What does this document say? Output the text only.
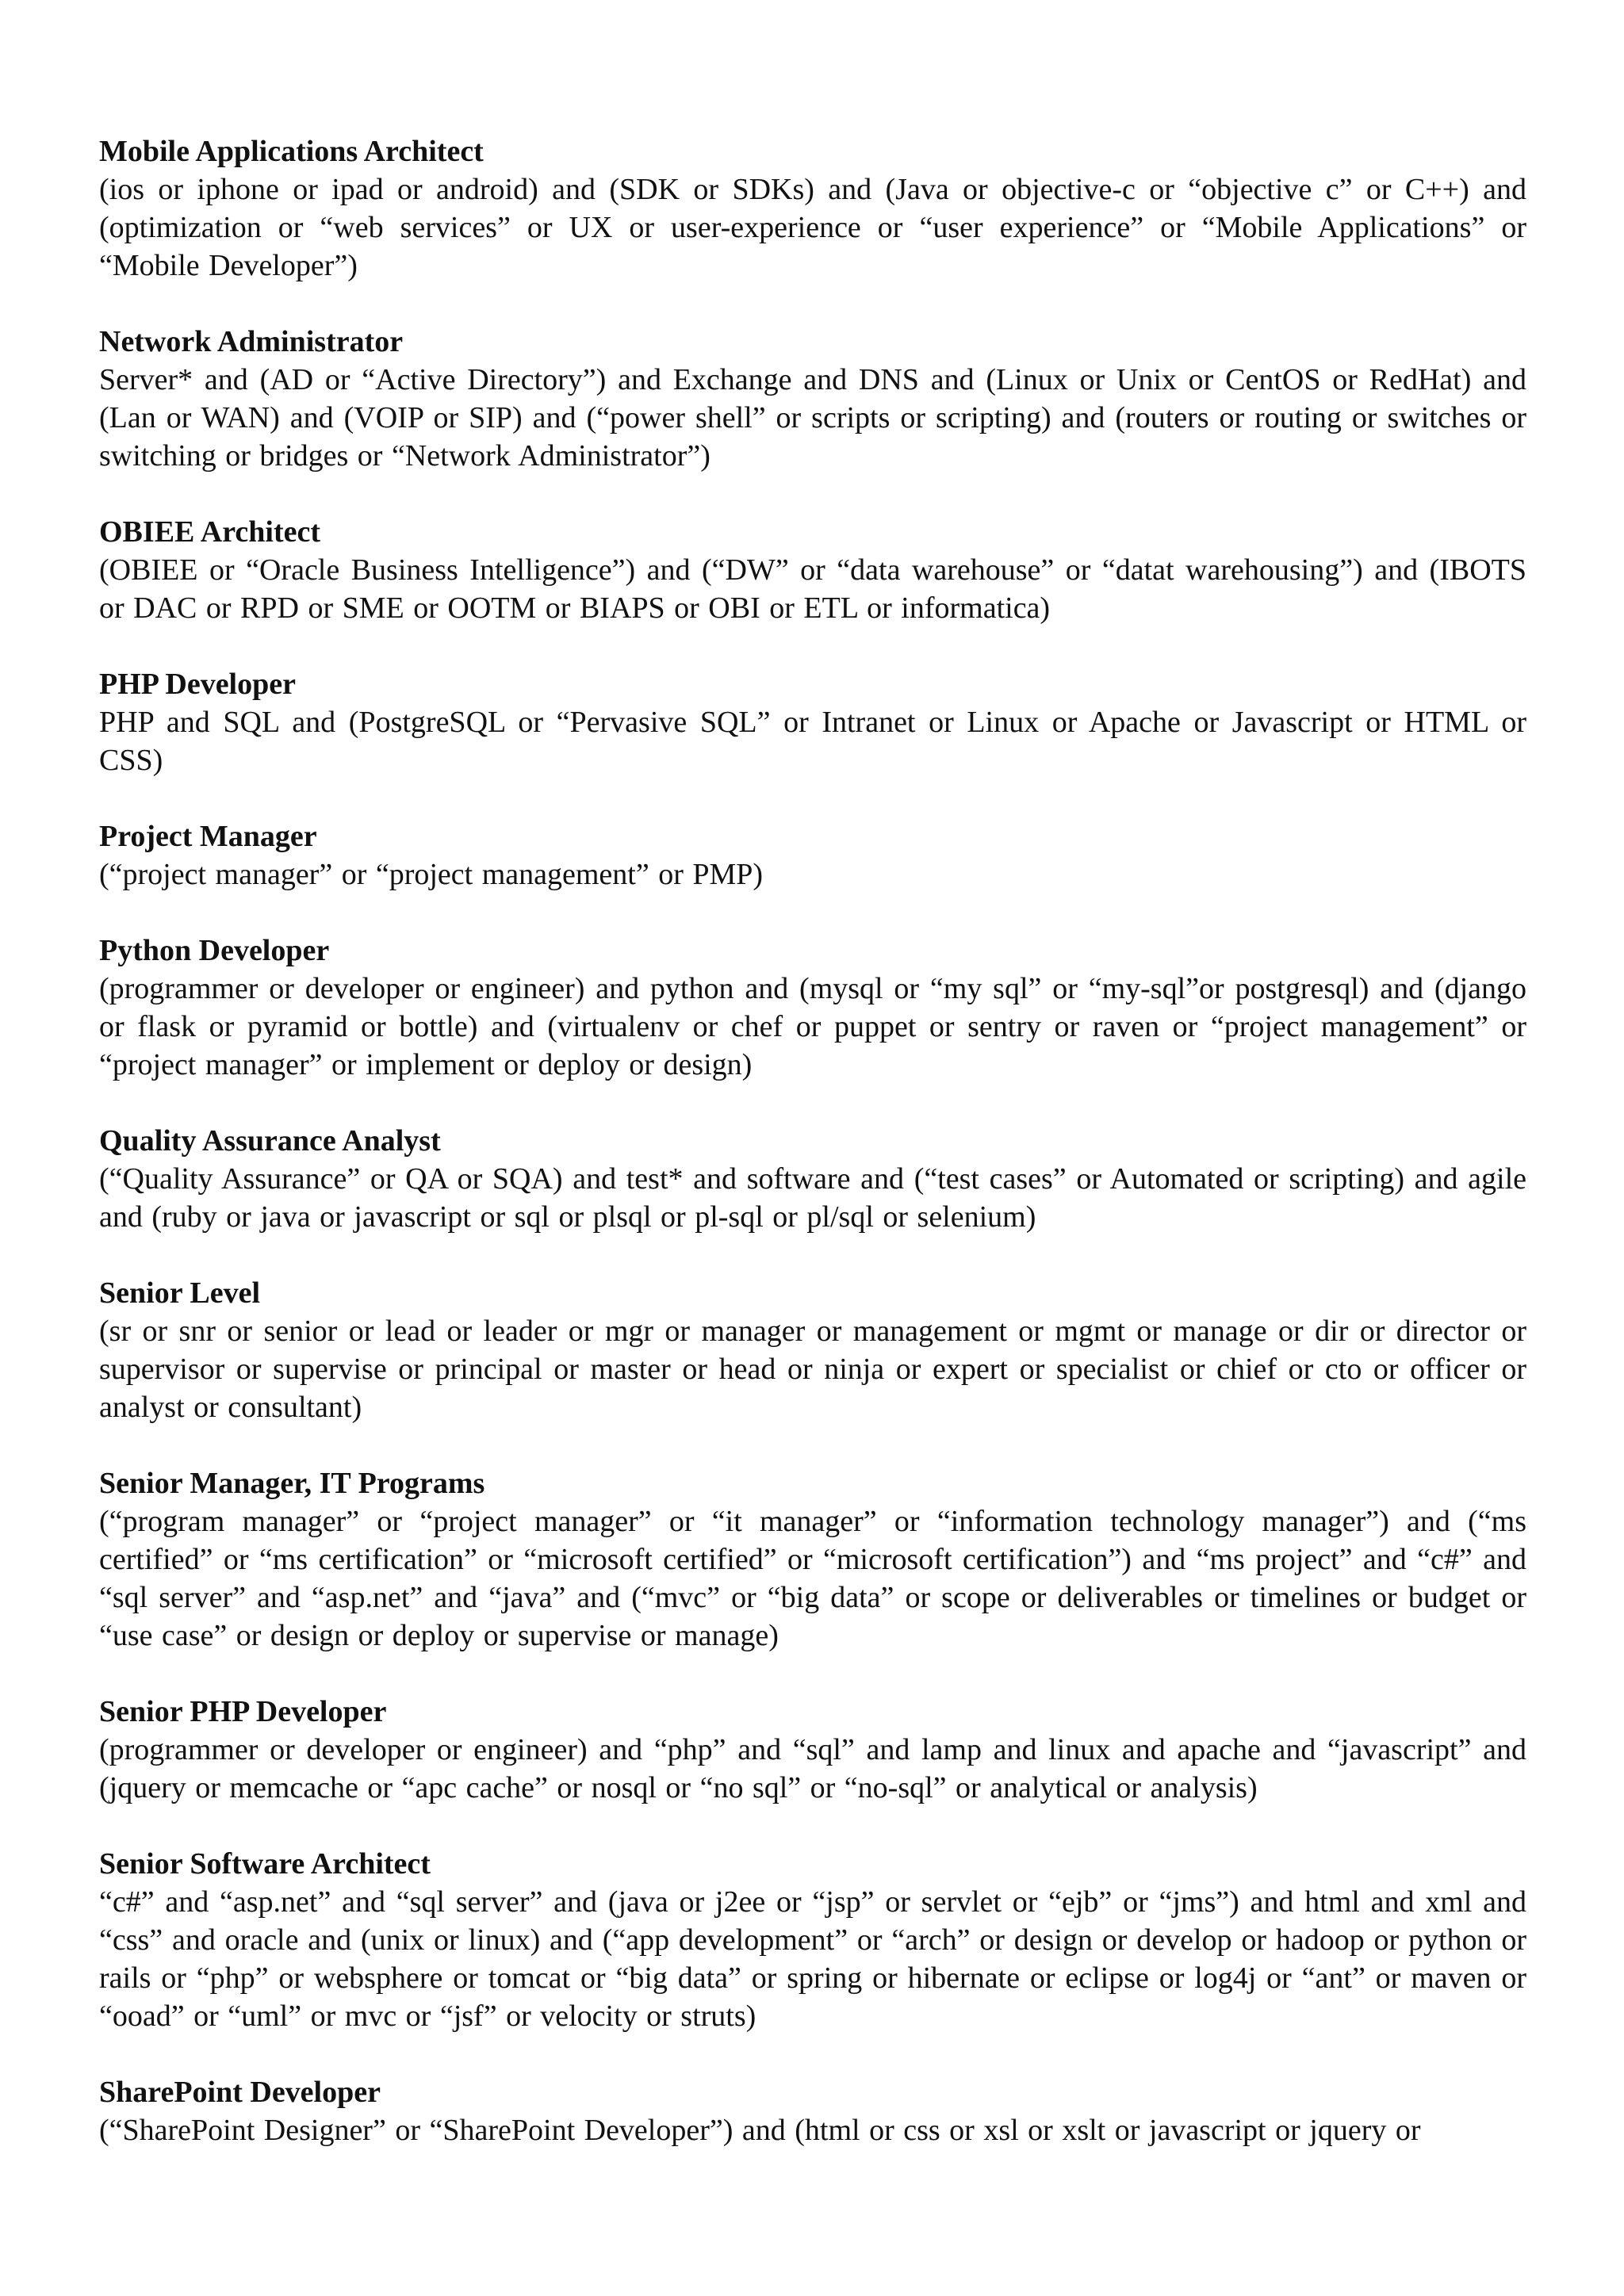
Mobile Applications Architect

(ios or iphone or ipad or android) and (SDK or SDKs) and (Java or objective-c or “objective c” or C++) and (optimization or “web services” or UX or user-experience or “user experience” or “Mobile Applications” or “Mobile Developer”)

Network Administrator

Server* and (AD or “Active Directory”) and Exchange and DNS and (Linux or Unix or CentOS or RedHat) and (Lan or WAN) and (VOIP or SIP) and (“power shell” or scripts or scripting) and (routers or routing or switches or switching or bridges or “Network Administrator”)

OBIEE Architect

(OBIEE or “Oracle Business Intelligence”) and (“DW” or “data warehouse” or “datat warehousing”) and (IBOTS or DAC or RPD or SME or OOTM or BIAPS or OBI or ETL or informatica)

PHP Developer

PHP and SQL and (PostgreSQL or “Pervasive SQL” or Intranet or Linux or Apache or Javascript or HTML or CSS)

Project Manager

(“project manager” or “project management” or PMP)

Python Developer

(programmer or developer or engineer) and python and (mysql or “my sql” or “my-sql”or postgresql) and (django or flask or pyramid or bottle) and (virtualenv or chef or puppet or sentry or raven or “project management” or “project manager” or implement or deploy or design)

Quality Assurance Analyst

(“Quality Assurance” or QA or SQA) and test* and software and (“test cases” or Automated or scripting) and agile and (ruby or java or javascript or sql or plsql or pl-sql or pl/sql or selenium)

Senior Level

(sr or snr or senior or lead or leader or mgr or manager or management or mgmt or manage or dir or director or supervisor or supervise or principal or master or head or ninja or expert or specialist or chief or cto or officer or analyst or consultant)

Senior Manager, IT Programs

(“program manager” or “project manager” or “it manager” or “information technology manager”) and (“ms certified” or “ms certification” or “microsoft certified” or “microsoft certification”) and “ms project” and “c#” and “sql server” and “asp.net” and “java” and (“mvc” or “big data” or scope or deliverables or timelines or budget or “use case” or design or deploy or supervise or manage)

Senior PHP Developer

(programmer or developer or engineer) and “php” and “sql” and lamp and linux and apache and “javascript” and (jquery or memcache or “apc cache” or nosql or “no sql” or “no-sql” or analytical or analysis)

Senior Software Architect

“c#” and “asp.net” and “sql server” and (java or j2ee or “jsp” or servlet or “ejb” or “jms”) and html and xml and “css” and oracle and (unix or linux) and (“app development” or “arch” or design or develop or hadoop or python or rails or “php” or websphere or tomcat or “big data” or spring or hibernate or eclipse or log4j or “ant” or maven or “ooad” or “uml” or mvc or “jsf” or velocity or struts)

SharePoint Developer

(“SharePoint Designer” or “SharePoint Developer”) and (html or css or xsl or xslt or javascript or jquery or
